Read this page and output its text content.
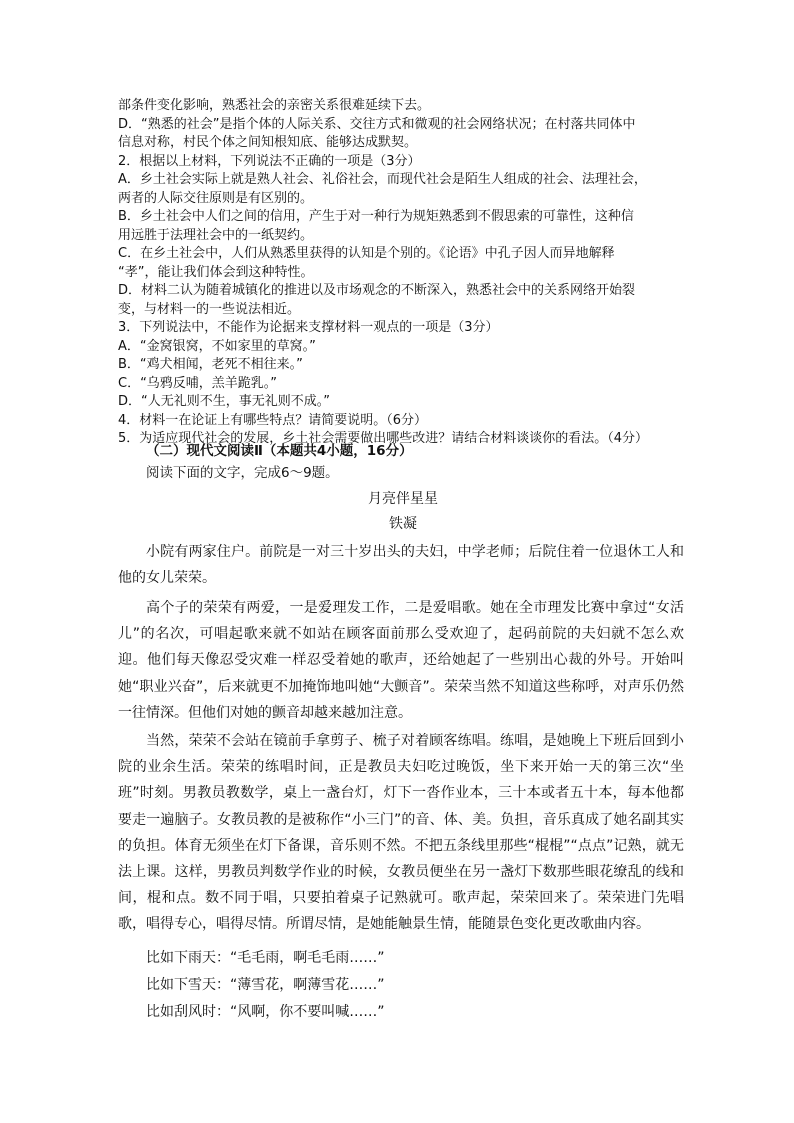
部条件变化影响，熟悉社会的亲密关系很难延续下去。
D．“熟悉的社会”是指个体的人际关系、交往方式和微观的社会网络状况；在村落共同体中
信息对称，村民个体之间知根知底、能够达成默契。
2．根据以上材料，下列说法不正确的一项是（3分）
A．乡土社会实际上就是熟人社会、礼俗社会，而现代社会是陌生人组成的社会、法理社会，
两者的人际交往原则是有区别的。
B．乡土社会中人们之间的信用，产生于对一种行为规矩熟悉到不假思索的可靠性，这种信
用远胜于法理社会中的一纸契约。
C．在乡土社会中，人们从熟悉里获得的认知是个别的。《论语》中孔子因人而异地解释
“孝”，能让我们体会到这种特性。
D．材料二认为随着城镇化的推进以及市场观念的不断深入，熟悉社会中的关系网络开始裂
变，与材料一的一些说法相近。
3．下列说法中，不能作为论据来支撑材料一观点的一项是（3分）
A．“金窝银窝，不如家里的草窝。”
B．“鸡犬相闻，老死不相往来。”
C．“乌鸦反哺，羔羊跪乳。”
D．“人无礼则不生，事无礼则不成。”
4．材料一在论证上有哪些特点？请简要说明。（6分）
5．为适应现代社会的发展，乡土社会需要做出哪些改进？请结合材料谈谈你的看法。（4分）
（二）现代文阅读Ⅱ（本题共4小题，16分）
阅读下面的文字，完成6～9题。
月亮伴星星
铁凝
小院有两家住户。前院是一对三十岁出头的夫妇，中学老师；后院住着一位退休工人和他的女儿荣荣。
高个子的荣荣有两爱，一是爱理发工作，二是爱唱歌。她在全市理发比赛中拿过“女活儿”的名次，可唱起歌来就不如站在顾客面前那么受欢迎了，起码前院的夫妇就不怎么欢迎。他们每天像忍受灾难一样忍受着她的歌声，还给她起了一些别出心裁的外号。开始叫她“职业兴奋”，后来就更不加掩饰地叫她“大颤音”。荣荣当然不知道这些称呼，对声乐仍然一往情深。但他们对她的颤音却越来越加注意。
当然，荣荣不会站在镜前手拿剪子、梳子对着顾客练唱。练唱，是她晚上下班后回到小院的业余生活。荣荣的练唱时间，正是教员夫妇吃过晚饭，坐下来开始一天的第三次“坐班”时刻。男教员教数学，桌上一盏台灯，灯下一沓作业本，三十本或者五十本，每本他都要走一遍脑子。女教员教的是被称作“小三门”的音、体、美。负担，音乐真成了她名副其实的负担。体育无须坐在灯下备课，音乐则不然。不把五条线里那些“棍棍”“点点”记熟，就无法上课。这样，男教员判数学作业的时候，女教员便坐在另一盏灯下数那些眼花缭乱的线和间，棍和点。数不同于唱，只要拍着桌子记熟就可。歌声起，荣荣回来了。荣荣进门先唱歌，唱得专心，唱得尽情。所谓尽情，是她能触景生情，能随景色变化更改歌曲内容。
比如下雨天：“毛毛雨，啊毛毛雨……”
比如下雪天：“薄雪花，啊薄雪花……”
比如刮风时：“风啊，你不要叫喊……”
